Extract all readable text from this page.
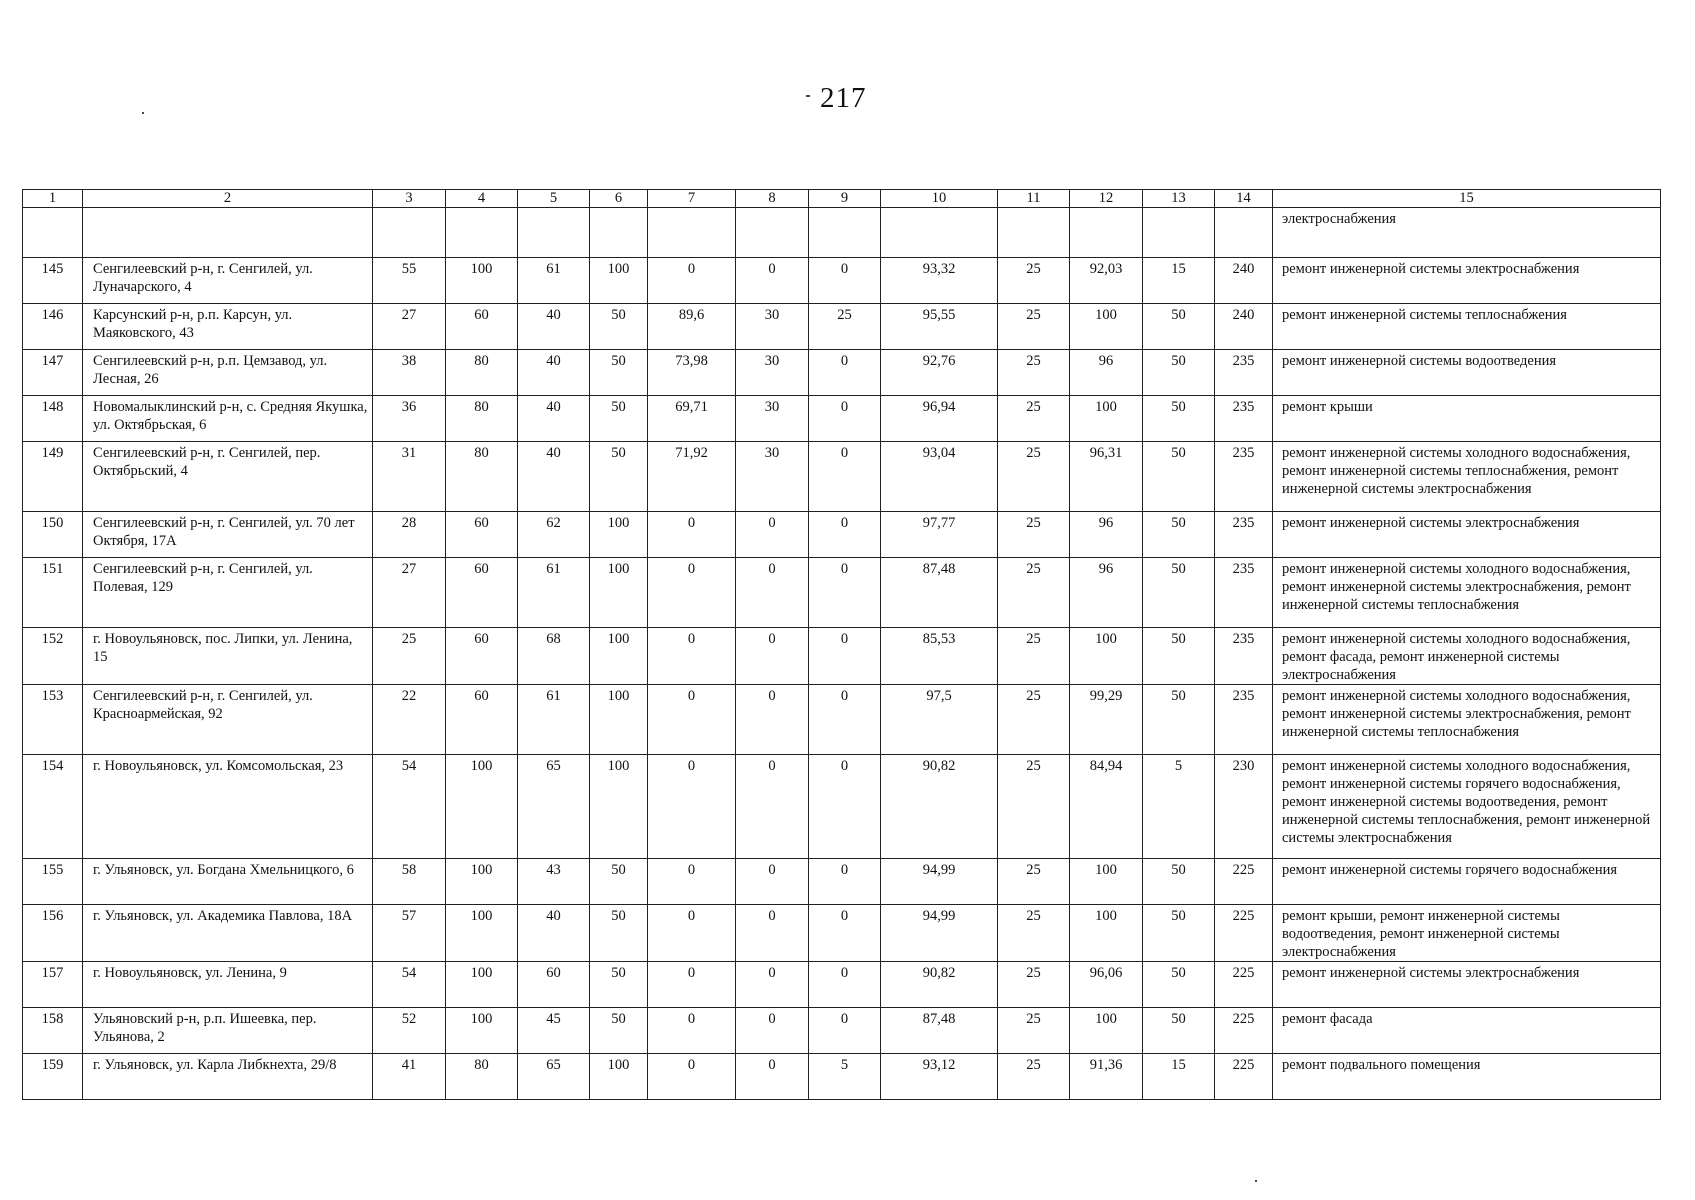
217
1	2	3	4	5	6	7	8	9	10	11	12	13	14	15
														электроснабжения
145	Сенгилеевский р-н, г. Сенгилей, ул. Луначарского, 4	55	100	61	100	0	0	0	93,32	25	92,03	15	240	ремонт инженерной системы электроснабжения
146	Карсунский р-н, р.п. Карсун, ул. Маяковского, 43	27	60	40	50	89,6	30	25	95,55	25	100	50	240	ремонт инженерной системы теплоснабжения
147	Сенгилеевский р-н, р.п. Цемзавод, ул. Лесная, 26	38	80	40	50	73,98	30	0	92,76	25	96	50	235	ремонт инженерной системы водоотведения
148	Новомалыклинский р-н, с. Средняя Якушка, ул. Октябрьская, 6	36	80	40	50	69,71	30	0	96,94	25	100	50	235	ремонт крыши
149	Сенгилеевский р-н, г. Сенгилей, пер. Октябрьский, 4	31	80	40	50	71,92	30	0	93,04	25	96,31	50	235	ремонт инженерной системы холодного водоснабжения, ремонт инженерной системы теплоснабжения, ремонт инженерной системы электроснабжения
150	Сенгилеевский р-н, г. Сенгилей, ул. 70 лет Октября, 17А	28	60	62	100	0	0	0	97,77	25	96	50	235	ремонт инженерной системы электроснабжения
151	Сенгилеевский р-н, г. Сенгилей, ул. Полевая, 129	27	60	61	100	0	0	0	87,48	25	96	50	235	ремонт инженерной системы холодного водоснабжения, ремонт инженерной системы электроснабжения, ремонт инженерной системы теплоснабжения
152	г. Новоульяновск, пос. Липки, ул. Ленина, 15	25	60	68	100	0	0	0	85,53	25	100	50	235	ремонт инженерной системы холодного водоснабжения, ремонт фасада, ремонт инженерной системы электроснабжения
153	Сенгилеевский р-н, г. Сенгилей, ул. Красноармейская, 92	22	60	61	100	0	0	0	97,5	25	99,29	50	235	ремонт инженерной системы холодного водоснабжения, ремонт инженерной системы электроснабжения, ремонт инженерной системы теплоснабжения
154	г. Новоульяновск, ул. Комсомольская, 23	54	100	65	100	0	0	0	90,82	25	84,94	5	230	ремонт инженерной системы холодного водоснабжения, ремонт инженерной системы горячего водоснабжения, ремонт инженерной системы водоотведения, ремонт инженерной системы теплоснабжения, ремонт инженерной системы электроснабжения
155	г. Ульяновск, ул. Богдана Хмельницкого, 6	58	100	43	50	0	0	0	94,99	25	100	50	225	ремонт инженерной системы горячего водоснабжения
156	г. Ульяновск, ул. Академика Павлова, 18А	57	100	40	50	0	0	0	94,99	25	100	50	225	ремонт крыши, ремонт инженерной системы водоотведения, ремонт инженерной системы электроснабжения
157	г. Новоульяновск, ул. Ленина, 9	54	100	60	50	0	0	0	90,82	25	96,06	50	225	ремонт инженерной системы электроснабжения
158	Ульяновский р-н, р.п. Ишеевка, пер. Ульянова, 2	52	100	45	50	0	0	0	87,48	25	100	50	225	ремонт фасада
159	г. Ульяновск, ул. Карла Либкнехта, 29/8	41	80	65	100	0	0	5	93,12	25	91,36	15	225	ремонт подвального помещения
